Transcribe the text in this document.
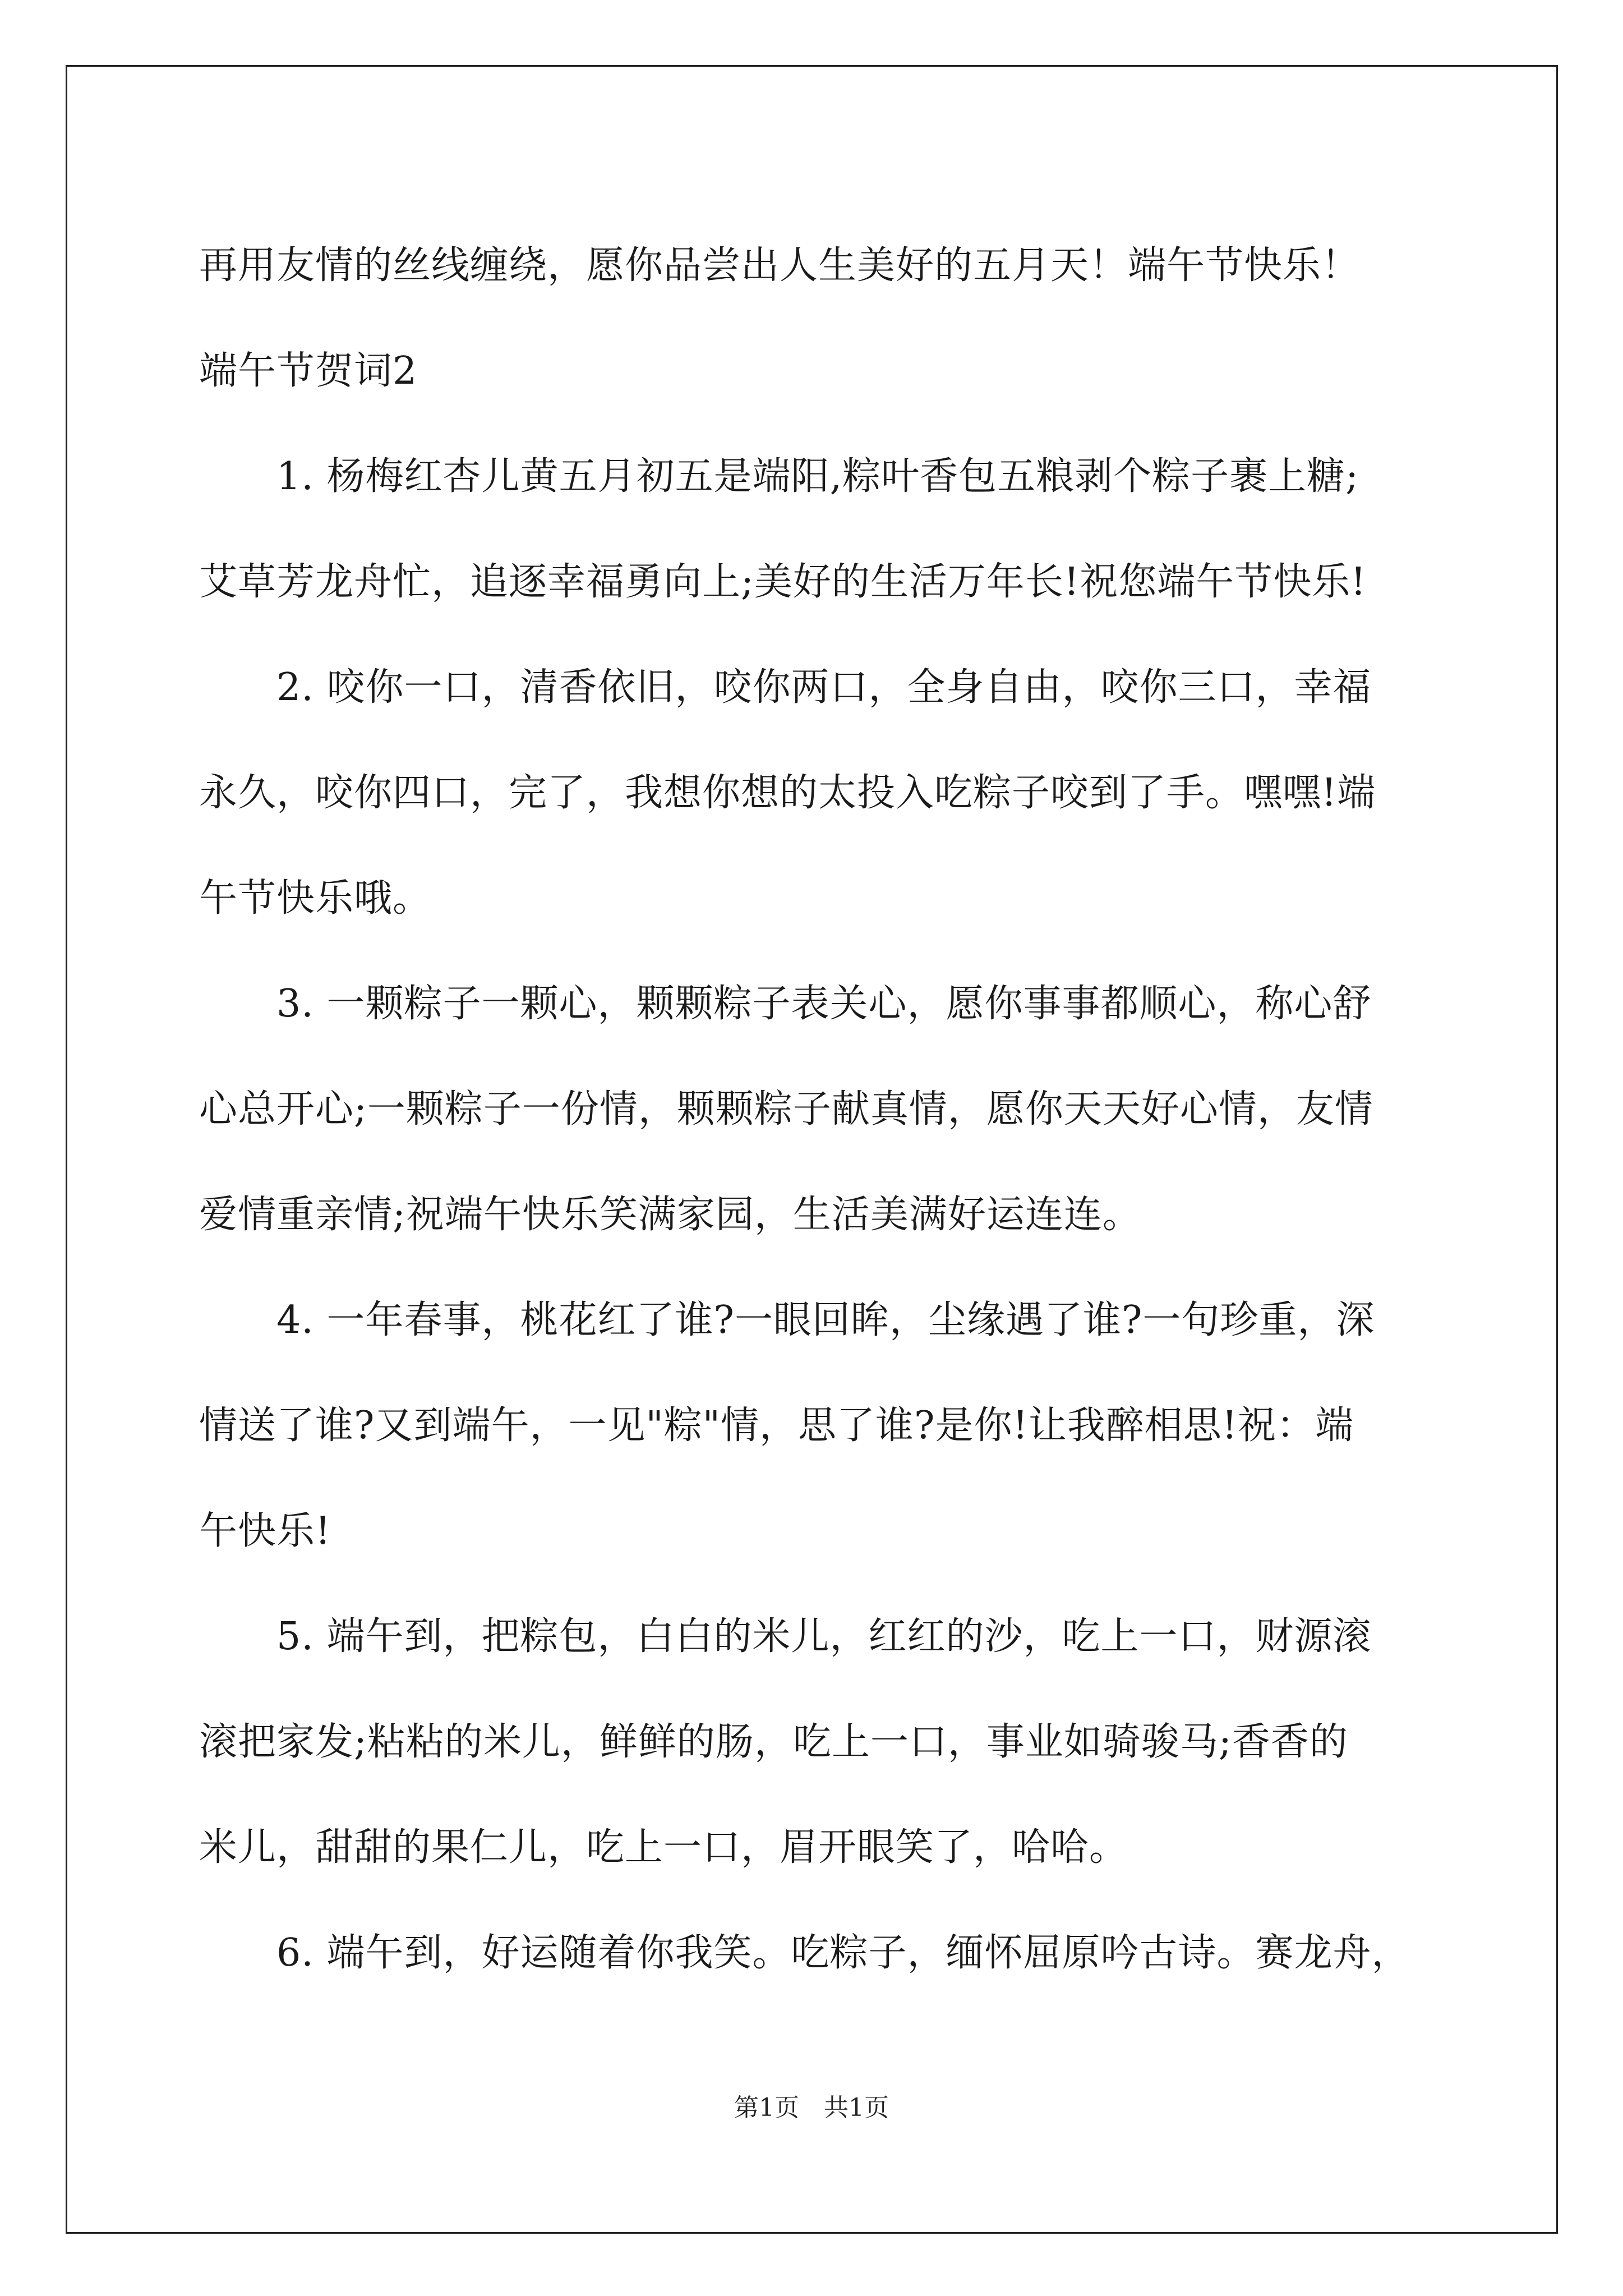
再用友情的丝线缠绕，愿你品尝出人生美好的五月天！端午节快乐！
端午节贺词2
1. 杨梅红杏儿黄五月初五是端阳,粽叶香包五粮剥个粽子裹上糖;
艾草芳龙舟忙，追逐幸福勇向上;美好的生活万年长!祝您端午节快乐!
2. 咬你一口，清香依旧，咬你两口，全身自由，咬你三口，幸福
永久，咬你四口，完了，我想你想的太投入吃粽子咬到了手。嘿嘿!端
午节快乐哦。
3. 一颗粽子一颗心，颗颗粽子表关心，愿你事事都顺心，称心舒
心总开心;一颗粽子一份情，颗颗粽子献真情，愿你天天好心情，友情
爱情重亲情;祝端午快乐笑满家园，生活美满好运连连。
4. 一年春事，桃花红了谁?一眼回眸，尘缘遇了谁?一句珍重，深
情送了谁?又到端午，一见"粽"情，思了谁?是你!让我醉相思!祝：端
午快乐!
5. 端午到，把粽包，白白的米儿，红红的沙，吃上一口，财源滚
滚把家发;粘粘的米儿，鲜鲜的肠，吃上一口，事业如骑骏马;香香的
米儿，甜甜的果仁儿，吃上一口，眉开眼笑了，哈哈。
6. 端午到，好运随着你我笑。吃粽子，缅怀屈原吟古诗。赛龙舟，
第1页 共1页
